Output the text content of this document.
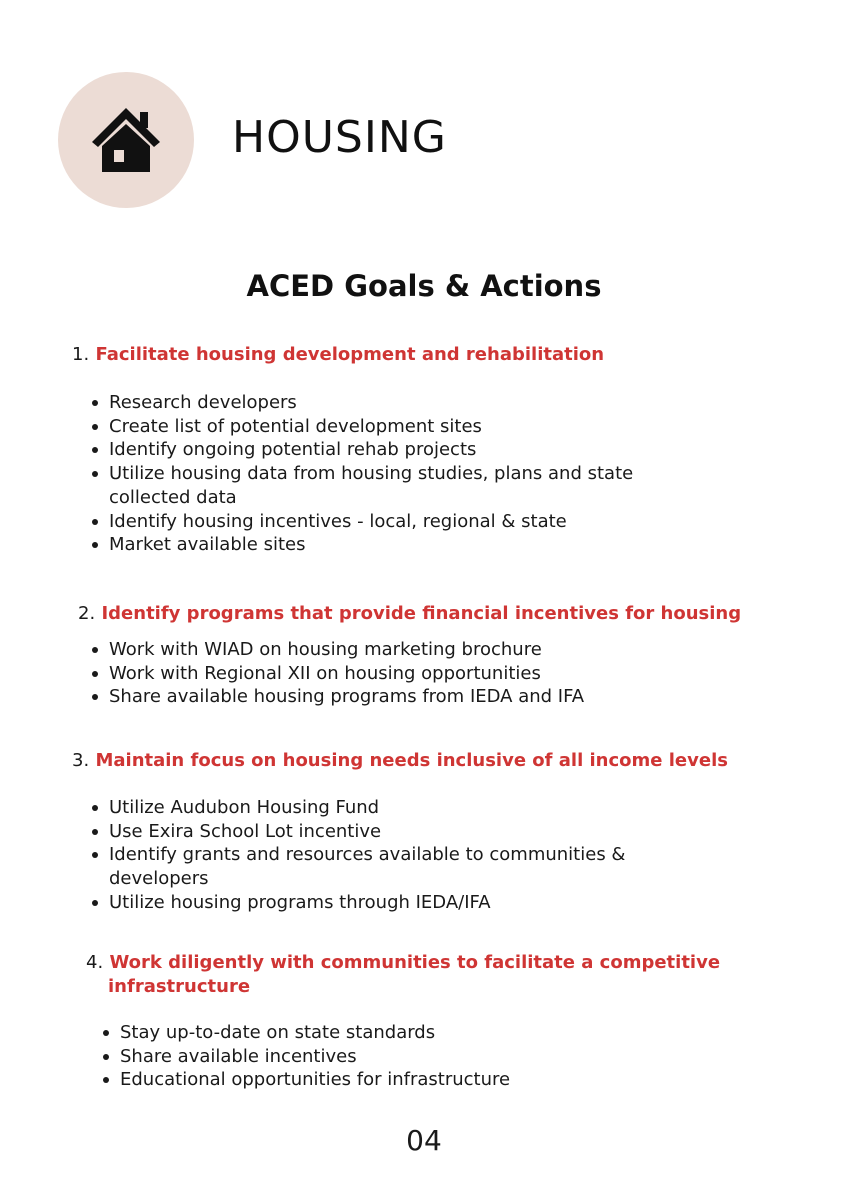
HOUSING
ACED Goals & Actions
1. Facilitate housing development and rehabilitation
Research developers
Create list of potential development sites
Identify ongoing potential rehab projects
Utilize housing data from housing studies, plans and state collected data
Identify housing incentives - local, regional & state
Market available sites
2. Identify programs that provide financial incentives for housing
Work with WIAD on housing marketing brochure
Work with Regional XII on housing opportunities
Share available housing programs from IEDA and IFA
3. Maintain focus on housing needs inclusive of all income levels
Utilize Audubon Housing Fund
Use Exira School Lot incentive
Identify grants and resources available to communities & developers
Utilize housing programs through IEDA/IFA
4. Work diligently with communities to facilitate a competitive infrastructure
Stay up-to-date on state standards
Share available incentives
Educational opportunities for infrastructure
04
